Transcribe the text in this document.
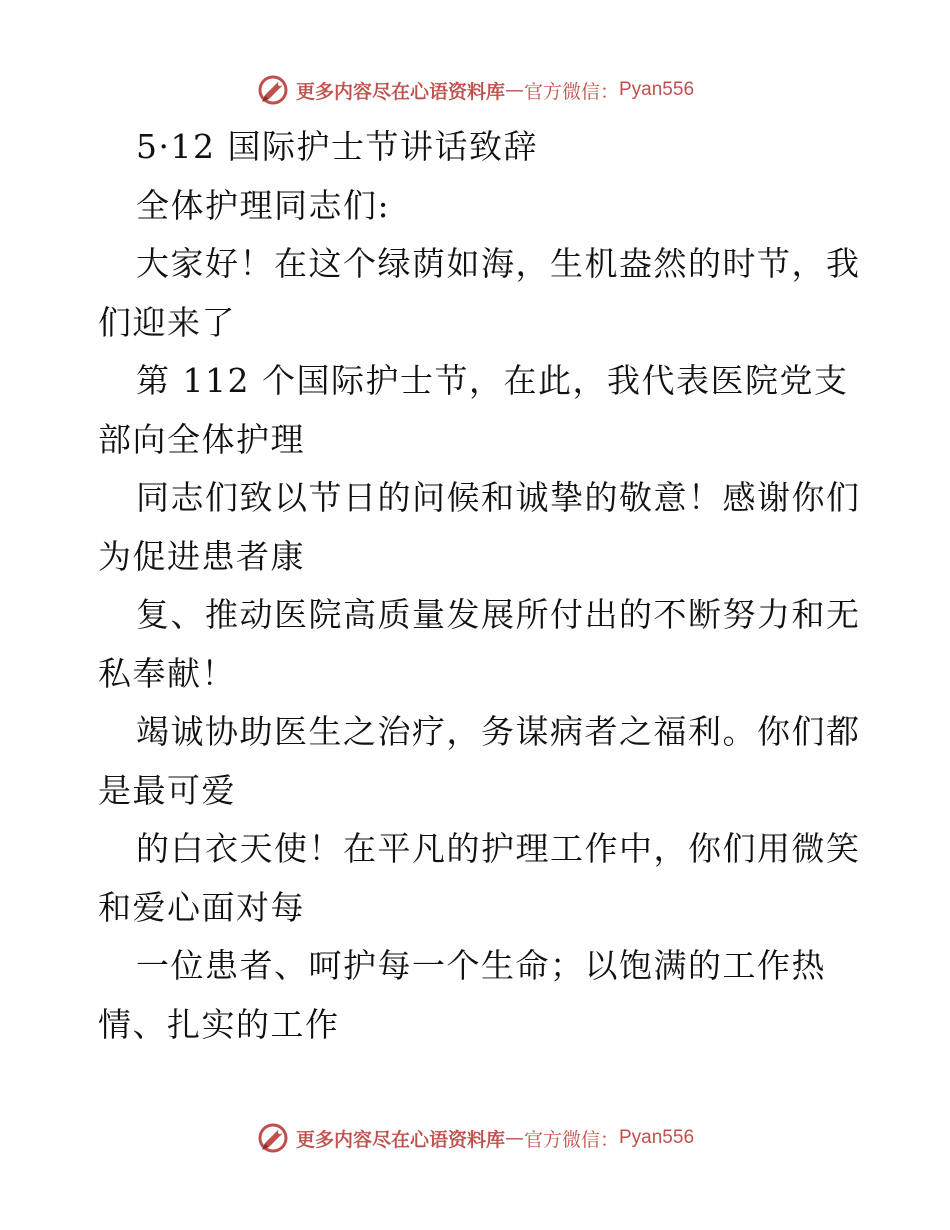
更多内容尽在心语资料库 — 官方微信： Pyan556
5·12 国际护士节讲话致辞
全体护理同志们:
大家好！在这个绿荫如海，生机盎然的时节，我
们迎来了
第 112 个国际护士节，在此，我代表医院党支
部向全体护理
同志们致以节日的问候和诚挚的敬意！感谢你们
为促进患者康
复、推动医院高质量发展所付出的不断努力和无
私奉献！
竭诚协助医生之治疗，务谋病者之福利。你们都
是最可爱
的白衣天使！在平凡的护理工作中，你们用微笑
和爱心面对每
一位患者、呵护每一个生命；以饱满的工作热
情、扎实的工作
更多内容尽在心语资料库 — 官方微信： Pyan556
